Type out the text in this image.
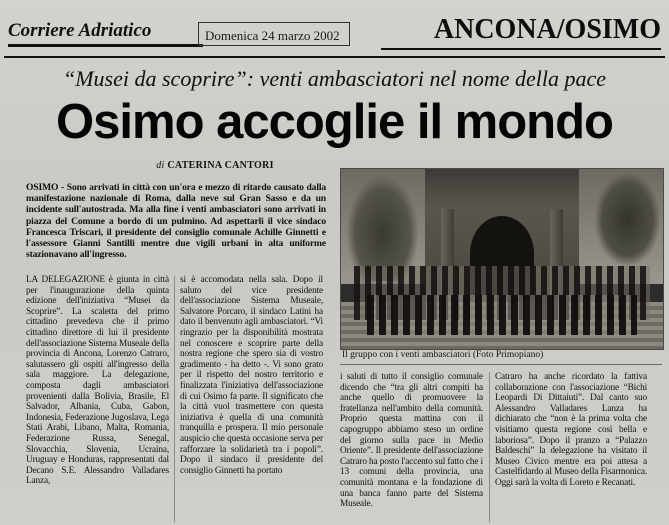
Corriere Adriatico	Domenica 24 marzo 2002	ANCONA/OSIMO
“Musei da scoprire”: venti ambasciatori nel nome della pace
Osimo accoglie il mondo
di CATERINA CANTORI
Il gruppo con i venti ambasciatori (Foto Primopiano)
OSIMO - Sono arrivati in città con un'ora e mezzo di ritardo causato dalla manifestazione nazionale di Roma, dalla neve sul Gran Sasso e da un incidente sull'autostrada. Ma alla fine i venti ambasciatori sono arrivati in piazza del Comune a bordo di un pulmino. Ad aspettarli il vice sindaco Francesca Triscari, il presidente del consiglio comunale Achille Ginnetti e l'assessore Gianni Santilli mentre due vigili urbani in alta uniforme stazionavano all'ingresso.

LA DELEGAZIONE è giunta in città per l'inaugurazione della quinta edizione dell'iniziativa “Musei da Scoprire”. La scaletta del primo cittadino prevedeva che il primo cittadino direttore di lui il presidente dell'associazione Sistema Museale della provincia di Ancona, Lorenzo Catraro, salutassero gli ospiti all'ingresso della sala maggiore. La delegazione, composta dagli ambasciatori provenienti dalla Bolivia, Brasile, El Salvador, Albania, Cuba, Gabon, Indonesia, Federazione Jugoslava, Lega Stati Arabi, Libano, Malta, Romania, Federazione Russa, Senegal, Slovacchia, Slovenia, Ucraina, Uruguay e Honduras, rappresentati dal Decano S.E. Alessandro Valladares Lanza,

si è accomodata nella sala. Dopo il saluto del vice presidente dell'associazione Sistema Museale, Salvatore Porcaro, il sindaco Latini ha dato il benvenuto agli ambasciatori. “Vi ringrazio per la disponibilità mostrata nel conoscere e scoprire parte della nostra regione che spero sia di vostro gradimento - ha detto -. Vi sono grato per il rispetto del nostro territorio e finalizzata l'iniziativa dell'associazione di cui Osimo fa parte. Il significato che la città vuol trasmettere con questa iniziativa è quella di una comunità tranquilla e prospera. Il mio personale auspicio che questa occasione serva per rafforzare la solidarietà tra i popoli”. Dopo il sindaco il presidente del consiglio Ginnetti ha portato

i saluti di tutto il consiglio comunale dicendo che “tra gli altri compiti ha anche quello di promuovere la fratellanza nell'ambito della comunità. Proprio questa mattina con il capogruppo abbiamo steso un ordine del giorno sulla pace in Medio Oriente”. Il presidente dell'associazione Catraro ha posto l'accento sul fatto che i 13 comuni della provincia, una comunità montana e la fondazione di una banca fanno parte del Sistema Museale.

Catraro ha anche ricordato la fattiva collaborazione con l'associazione “Bichì Leopardi Di Dittaiuti”. Dal canto suo Alessandro Valladares Lanza ha dichiarato che “non è la prima volta che visitiamo questa regione così bella e laboriosa”. Dopo il pranzo a “Palazzo Baldeschi” la delegazione ha visitato il Museo Civico mentre era poi attesa a Castelfidardo al Museo della Fisarmonica. Oggi sarà la volta di Loreto e Recanati.
